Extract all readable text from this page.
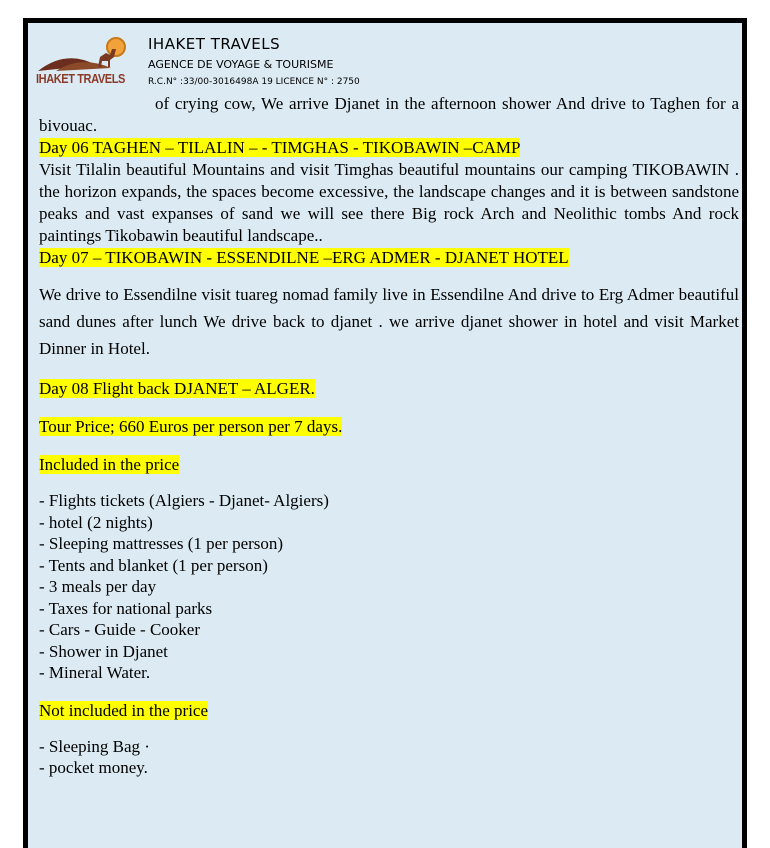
IHAKET TRAVELS
IHAKET TRAVELS
AGENCE DE VOYAGE & TOURISME
R.C.N° :33/00-3016498A 19 LICENCE N° : 2750

of crying cow, We arrive Djanet in the afternoon shower And drive to Taghen for a bivouac.

Day 06 TAGHEN – TILALIN – - TIMGHAS - TIKOBAWIN –CAMP

Visit Tilalin beautiful Mountains and visit Timghas beautiful mountains our camping TIKOBAWIN . the horizon expands, the spaces become excessive, the landscape changes and it is between sandstone peaks and vast expanses of sand we will see there Big rock Arch and Neolithic tombs And rock paintings Tikobawin beautiful landscape..

Day 07 – TIKOBAWIN - ESSENDILNE –ERG ADMER - DJANET HOTEL

We drive to Essendilne visit tuareg nomad family live in Essendilne And drive to Erg Admer beautiful sand dunes after lunch We drive back to djanet . we arrive djanet shower in hotel and visit Market Dinner in Hotel.

Day 08 Flight back DJANET – ALGER.

Tour Price; 660 Euros per person per 7 days.

Included in the price

- Flights tickets (Algiers - Djanet- Algiers)
- hotel (2 nights)
- Sleeping mattresses (1 per person)
- Tents and blanket (1 per person)
- 3 meals per day
- Taxes for national parks
- Cars - Guide - Cooker
- Shower in Djanet
- Mineral Water.

Not included in the price

- Sleeping Bag ·
- pocket money.
